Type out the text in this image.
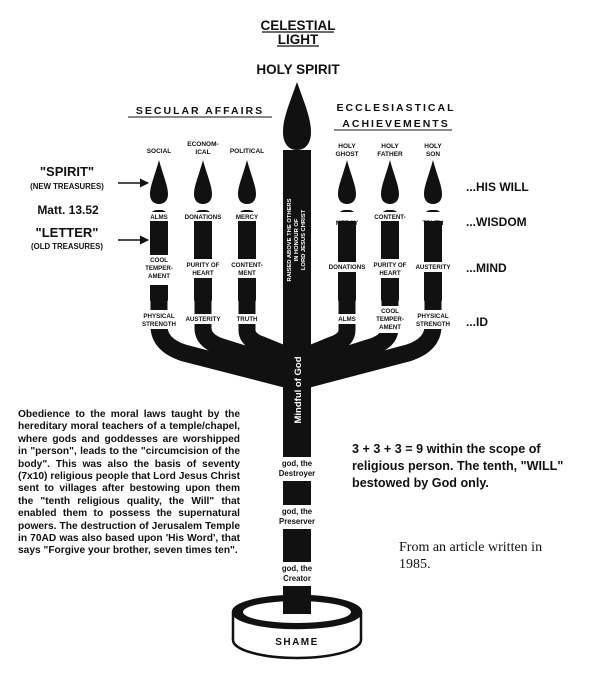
CELESTIAL
LIGHT
HOLY SPIRIT
SECULAR AFFAIRS	ECCLESIASTICAL
ACHIEVEMENTS
SOCIAL
ECONOM-
ICAL	POLITICAL
HOLY
GHOST
HOLY
FATHER
HOLY
SON
ALMS	DONATIONS MERCY
MERCY
CONTENT-
MENT	TRUTH
COOL
TEMPER-
AMENT
PURITY OF
HEART
CONTENT-
MENT
DONATIONS PURITY OF
HEART
AUSTERITY
PHYSICAL
STRENGTH
AUSTERITY	TRUTH	ALMS
COOL
TEMPER-
AMENT
PHYSICAL
STRENGTH
RAISED ABOVE THE OTHERS IN HONOUR OF LORD JESUS CHRIST
Mindful of God
god, the
Destroyer
god, the
Preserver
god, the
Creator
SHAME
"SPIRIT"
(NEW TREASURES)
Matt. 13.52
"LETTER"
(OLD TREASURES)
...HIS WILL
...WISDOM
...MIND
...ID
Obedience to the moral laws taught by the hereditary moral teachers of a temple/chapel, where gods and goddesses are worshipped in "person", leads to the "circumcision of the body". This was also the basis of seventy (7x10) religious people that Lord Jesus Christ sent to villages after bestowing upon them the "tenth religious quality, the Will" that enabled them to possess the supernatural powers. The destruction of Jerusalem Temple in 70AD was also based upon 'His Word', that says "Forgive your brother, seven times ten".
3 + 3 + 3 = 9 within the scope of religious person. The tenth, "WILL" bestowed by God only.
From an article written in 1985.
